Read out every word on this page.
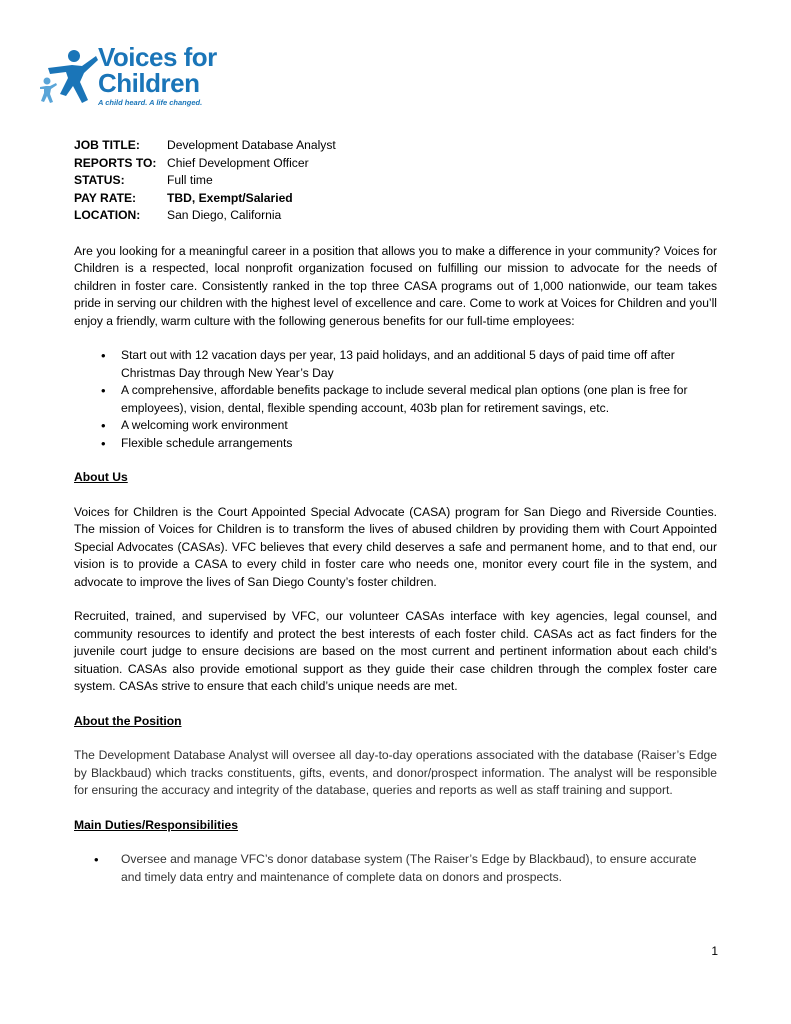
Voices for
Children
A child heard. A life changed.
JOB TITLE:	Development Database Analyst
REPORTS TO: Chief Development Officer
STATUS:	Full time
PAY RATE:	TBD, Exempt/Salaried
LOCATION:	San Diego, California

Are you looking for a meaningful career in a position that allows you to make a difference in your community? Voices for Children is a respected, local nonprofit organization focused on fulfilling our mission to advocate for the needs of children in foster care. Consistently ranked in the top three CASA programs out of 1,000 nationwide, our team takes pride in serving our children with the highest level of excellence and care. Come to work at Voices for Children and you’ll enjoy a friendly, warm culture with the following generous benefits for our full-time employees:

• Start out with 12 vacation days per year, 13 paid holidays, and an additional 5 days of paid time off after Christmas Day through New Year’s Day
• A comprehensive, affordable benefits package to include several medical plan options (one plan is free for employees), vision, dental, flexible spending account, 403b plan for retirement savings, etc.
• A welcoming work environment
• Flexible schedule arrangements
About Us

Voices for Children is the Court Appointed Special Advocate (CASA) program for San Diego and Riverside Counties. The mission of Voices for Children is to transform the lives of abused children by providing them with Court Appointed Special Advocates (CASAs). VFC believes that every child deserves a safe and permanent home, and to that end, our vision is to provide a CASA to every child in foster care who needs one, monitor every court file in the system, and advocate to improve the lives of San Diego County’s foster children.

Recruited, trained, and supervised by VFC, our volunteer CASAs interface with key agencies, legal counsel, and community resources to identify and protect the best interests of each foster child. CASAs act as fact finders for the juvenile court judge to ensure decisions are based on the most current and pertinent information about each child’s situation. CASAs also provide emotional support as they guide their case children through the complex foster care system. CASAs strive to ensure that each child’s unique needs are met.

About the Position

The Development Database Analyst will oversee all day-to-day operations associated with the database (Raiser’s Edge by Blackbaud) which tracks constituents, gifts, events, and donor/prospect information. The analyst will be responsible for ensuring the accuracy and integrity of the database, queries and reports as well as staff training and support.

Main Duties/Responsibilities
• Oversee and manage VFC’s donor database system (The Raiser’s Edge by Blackbaud), to ensure accurate and timely data entry and maintenance of complete data on donors and prospects.
1
